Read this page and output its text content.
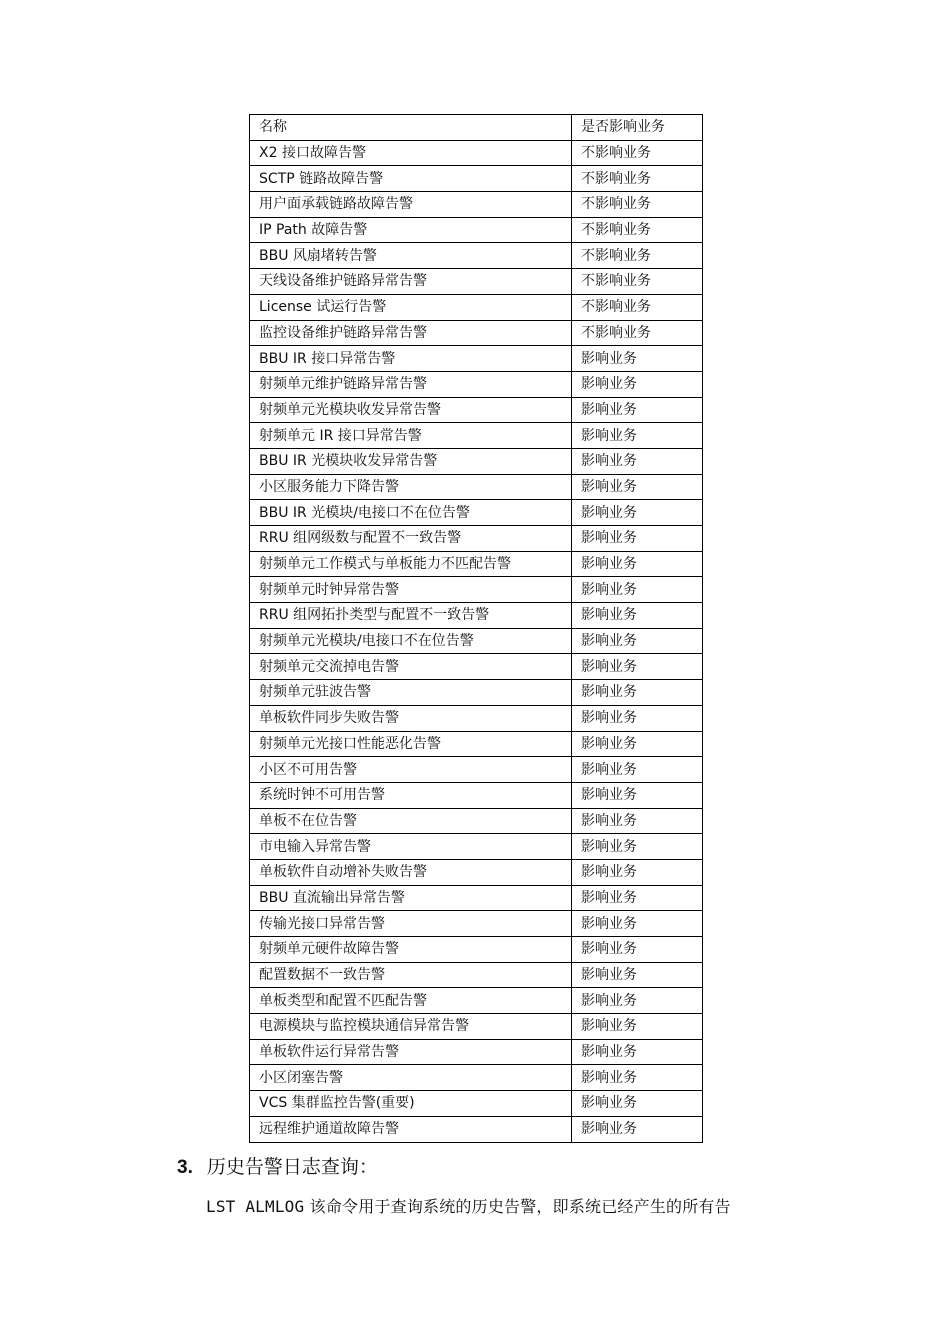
名称	是否影响业务
X2 接口故障告警	不影响业务
SCTP 链路故障告警	不影响业务
用户面承载链路故障告警	不影响业务
IP Path 故障告警	不影响业务
BBU 风扇堵转告警	不影响业务
天线设备维护链路异常告警	不影响业务
License 试运行告警	不影响业务
监控设备维护链路异常告警	不影响业务
BBU IR 接口异常告警	影响业务
射频单元维护链路异常告警	影响业务
射频单元光模块收发异常告警	影响业务
射频单元 IR 接口异常告警	影响业务
BBU IR 光模块收发异常告警	影响业务
小区服务能力下降告警	影响业务
BBU IR 光模块/电接口不在位告警	影响业务
RRU 组网级数与配置不一致告警	影响业务
射频单元工作模式与单板能力不匹配告警	影响业务
射频单元时钟异常告警	影响业务
RRU 组网拓扑类型与配置不一致告警	影响业务
射频单元光模块/电接口不在位告警	影响业务
射频单元交流掉电告警	影响业务
射频单元驻波告警	影响业务
单板软件同步失败告警	影响业务
射频单元光接口性能恶化告警	影响业务
小区不可用告警	影响业务
系统时钟不可用告警	影响业务
单板不在位告警	影响业务
市电输入异常告警	影响业务
单板软件自动增补失败告警	影响业务
BBU 直流输出异常告警	影响业务
传输光接口异常告警	影响业务
射频单元硬件故障告警	影响业务
配置数据不一致告警	影响业务
单板类型和配置不匹配告警	影响业务
电源模块与监控模块通信异常告警	影响业务
单板软件运行异常告警	影响业务
小区闭塞告警	影响业务
VCS 集群监控告警(重要)	影响业务
远程维护通道故障告警	影响业务
3. 历史告警日志查询：
LST ALMLOG 该命令用于查询系统的历史告警，即系统已经产生的所有告
